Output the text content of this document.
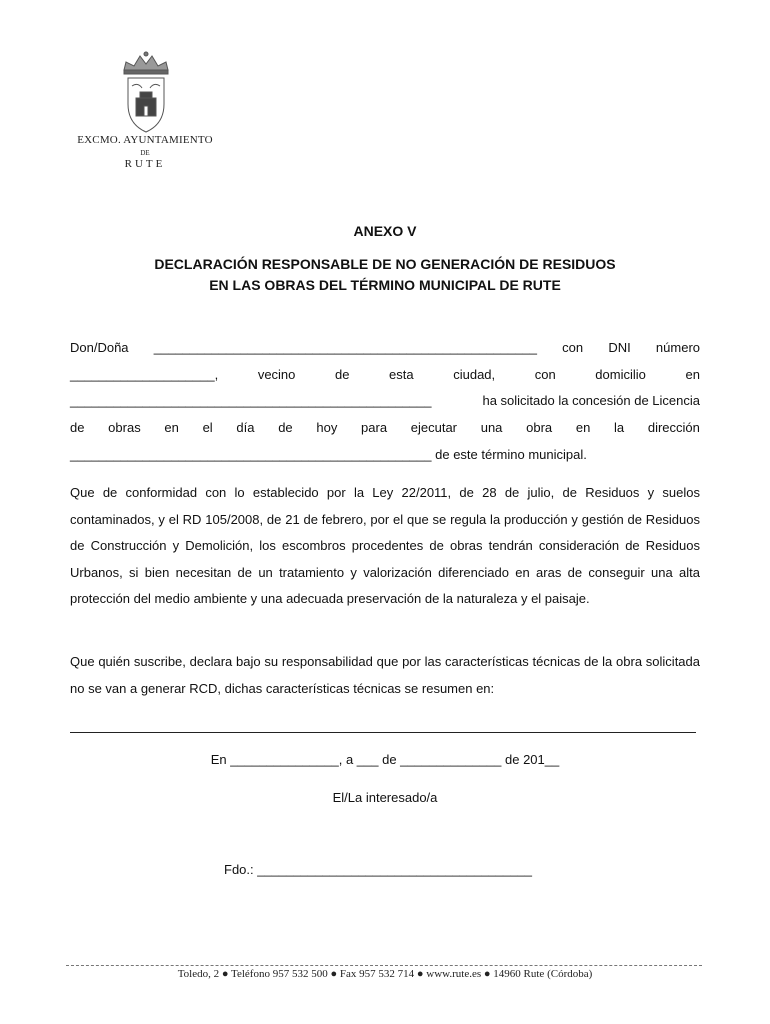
EXCMO. AYUNTAMIENTO
DE
RUTE
ANEXO V
DECLARACIÓN RESPONSABLE DE NO GENERACIÓN DE RESIDUOS
EN LAS OBRAS DEL TÉRMINO MUNICIPAL DE RUTE
Don/Doña _____________________________________________________ con DNI número
____________________,	vecino	de	esta	ciudad,	con	domicilio	en
__________________________________________________	ha solicitado la concesión de Licencia
de obras en el día de hoy para ejecutar una obra en la dirección
__________________________________________________ de este término municipal.
Que de conformidad con lo establecido por la Ley 22/2011, de 28 de julio, de Residuos y suelos contaminados, y el RD 105/2008, de 21 de febrero, por el que se regula la producción y gestión de Residuos de Construcción y Demolición, los escombros procedentes de obras tendrán consideración de Residuos Urbanos, si bien necesitan de un tratamiento y valorización diferenciado en aras de conseguir una alta protección del medio ambiente y una adecuada preservación de la naturaleza y el paisaje.
Que quién suscribe, declara bajo su responsabilidad que por las características técnicas de la obra solicitada no se van a generar RCD, dichas características técnicas se resumen en:
En _______________, a ___ de ______________ de 201__
El/La interesado/a
Fdo.: ______________________________________
Toledo, 2 ● Teléfono 957 532 500 ● Fax 957 532 714 ● www.rute.es ● 14960 Rute (Córdoba)
